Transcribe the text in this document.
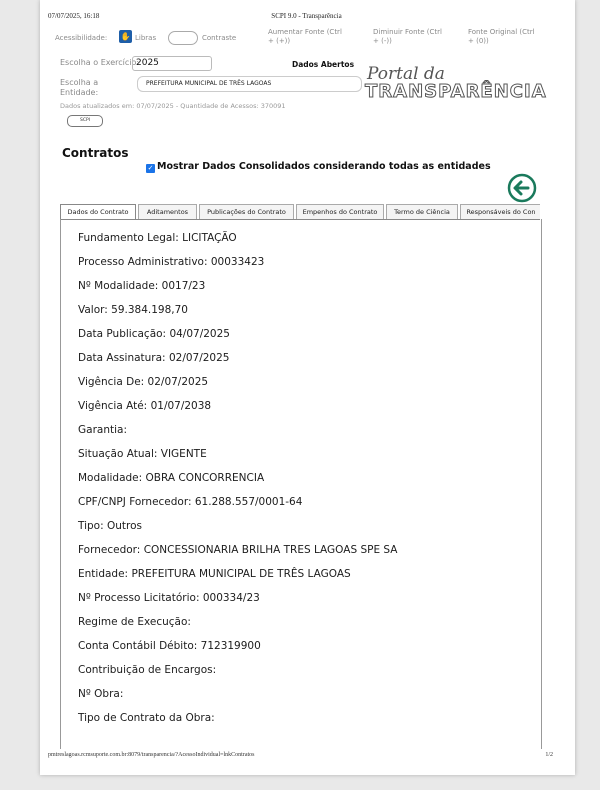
07/07/2025, 16:18	SCPI 9.0 - Transparência
Acessibilidade: ✋ Libras	Contraste
Aumentar Fonte (Ctrl
+ (+))
Diminuir Fonte (Ctrl
+ (-))
Fonte Original (Ctrl
+ (0))
Escolha o Exercício:
2025	Dados Abertos
Escolha a
Entidade:
PREFEITURA MUNICIPAL DE TRÊS LAGOAS	Portal da
TRANSPARÊNCIA
Dados atualizados em: 07/07/2025 - Quantidade de Acessos: 370091
SCPI
Contratos
✓ Mostrar Dados Consolidados considerando todas as entidades
Dados do Contrato	Aditamentos	Publicações do Contrato	Empenhos do Contrato	Termo de Ciência	Responsáveis do Con
Fundamento Legal: LICITAÇÃO
Processo Administrativo: 00033423
Nº Modalidade: 0017/23
Valor: 59.384.198,70
Data Publicação: 04/07/2025
Data Assinatura: 02/07/2025
Vigência De: 02/07/2025
Vigência Até: 01/07/2038
Garantia:
Situação Atual: VIGENTE
Modalidade: OBRA CONCORRENCIA
CPF/CNPJ Fornecedor: 61.288.557/0001-64
Tipo: Outros
Fornecedor: CONCESSIONARIA BRILHA TRES LAGOAS SPE SA
Entidade: PREFEITURA MUNICIPAL DE TRÊS LAGOAS
Nº Processo Licitatório: 000334/23
Regime de Execução:
Conta Contábil Débito: 712319900
Contribuição de Encargos:
Nº Obra:
Tipo de Contrato da Obra:
pmtreslagoas.rcmsuporte.com.br:8079/transparencia/?AcessoIndividual=lnkContratos	1/2
